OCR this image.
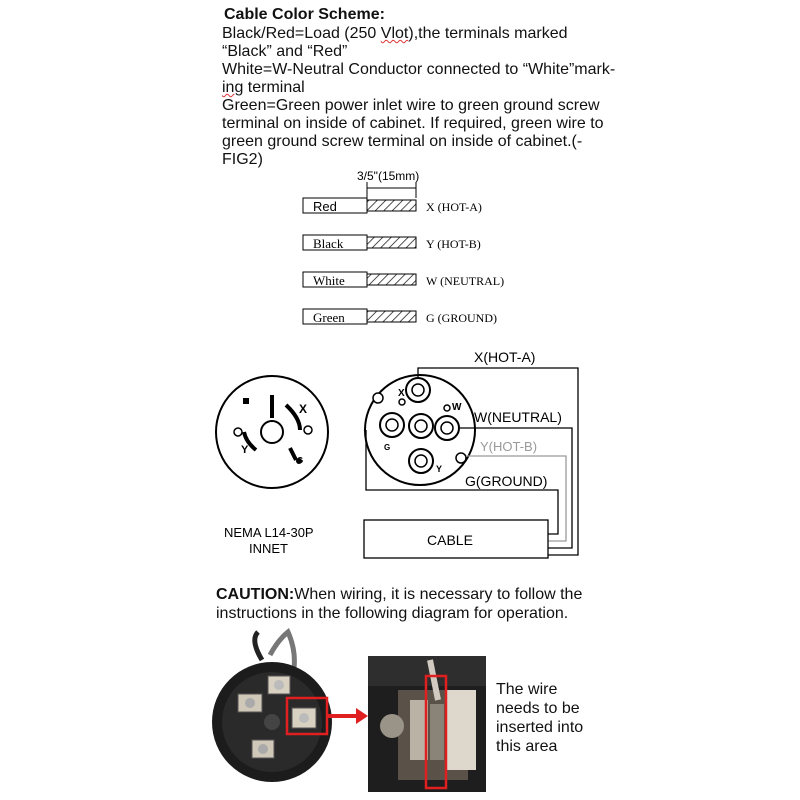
Cable Color Scheme:
Black/Red=Load (250 Vlot),the terminals marked
“Black” and “Red”
White=W-Neutral Conductor connected to “White”mark-
ing terminal
Green=Green power inlet wire to green ground screw
terminal on inside of cabinet. If required, green wire to
green ground screw terminal on inside of cabinet.(-
FIG2)
3/5"(15mm)
Red	X (HOT-A)
Black	Y (HOT-B)
White	W (NEUTRAL)
Green	G (GROUND)
X
Y
G
NEMA L14-30P
INNET
X
W
G
Y
X(HOT-A)
W(NEUTRAL)
Y(HOT-B)
G(GROUND)
CABLE
CAUTION:When wiring, it is necessary to follow the instructions in the following diagram for operation.
The wire needs to be inserted into this area
